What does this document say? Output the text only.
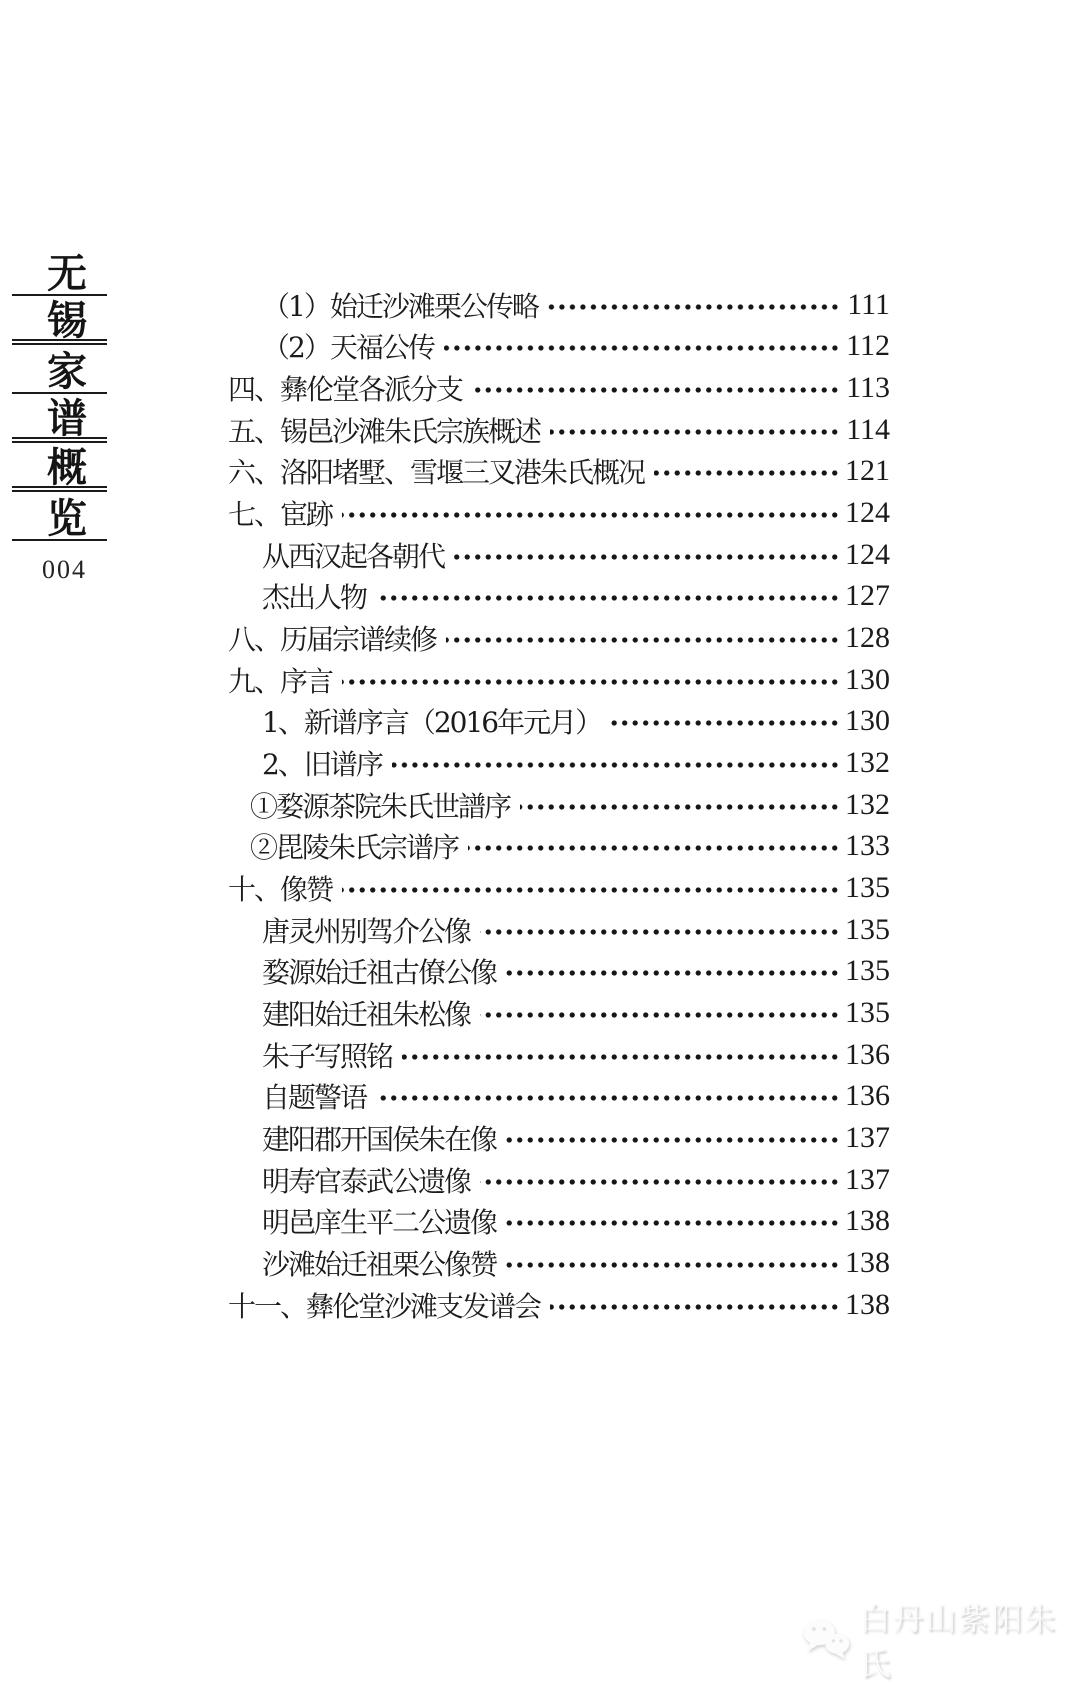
无
锡
家
谱
概
览
004
（1）始迁沙滩栗公传略	111
（2）天福公传	112
四、彝伦堂各派分支	113
五、锡邑沙滩朱氏宗族概述	114
六、洛阳堵墅、雪堰三叉港朱氏概况	121
七、宦跡	124
从西汉起各朝代	124
杰出人物	127
八、历届宗谱续修	128
九、序言	130
1、新谱序言（2016年元月）	130
2、旧谱序	132
①婺源茶院朱氏世譜序	132
②毘陵朱氏宗谱序	133
十、像赞	135
唐灵州别驾介公像	135
婺源始迁祖古僚公像	135
建阳始迁祖朱松像	135
朱子写照铭	136
自题警语	136
建阳郡开国侯朱在像	137
明寿官泰武公遗像	137
明邑庠生平二公遗像	138
沙滩始迁祖栗公像赞	138
十一、彝伦堂沙滩支发谱会	138
白丹山紫阳朱氏
